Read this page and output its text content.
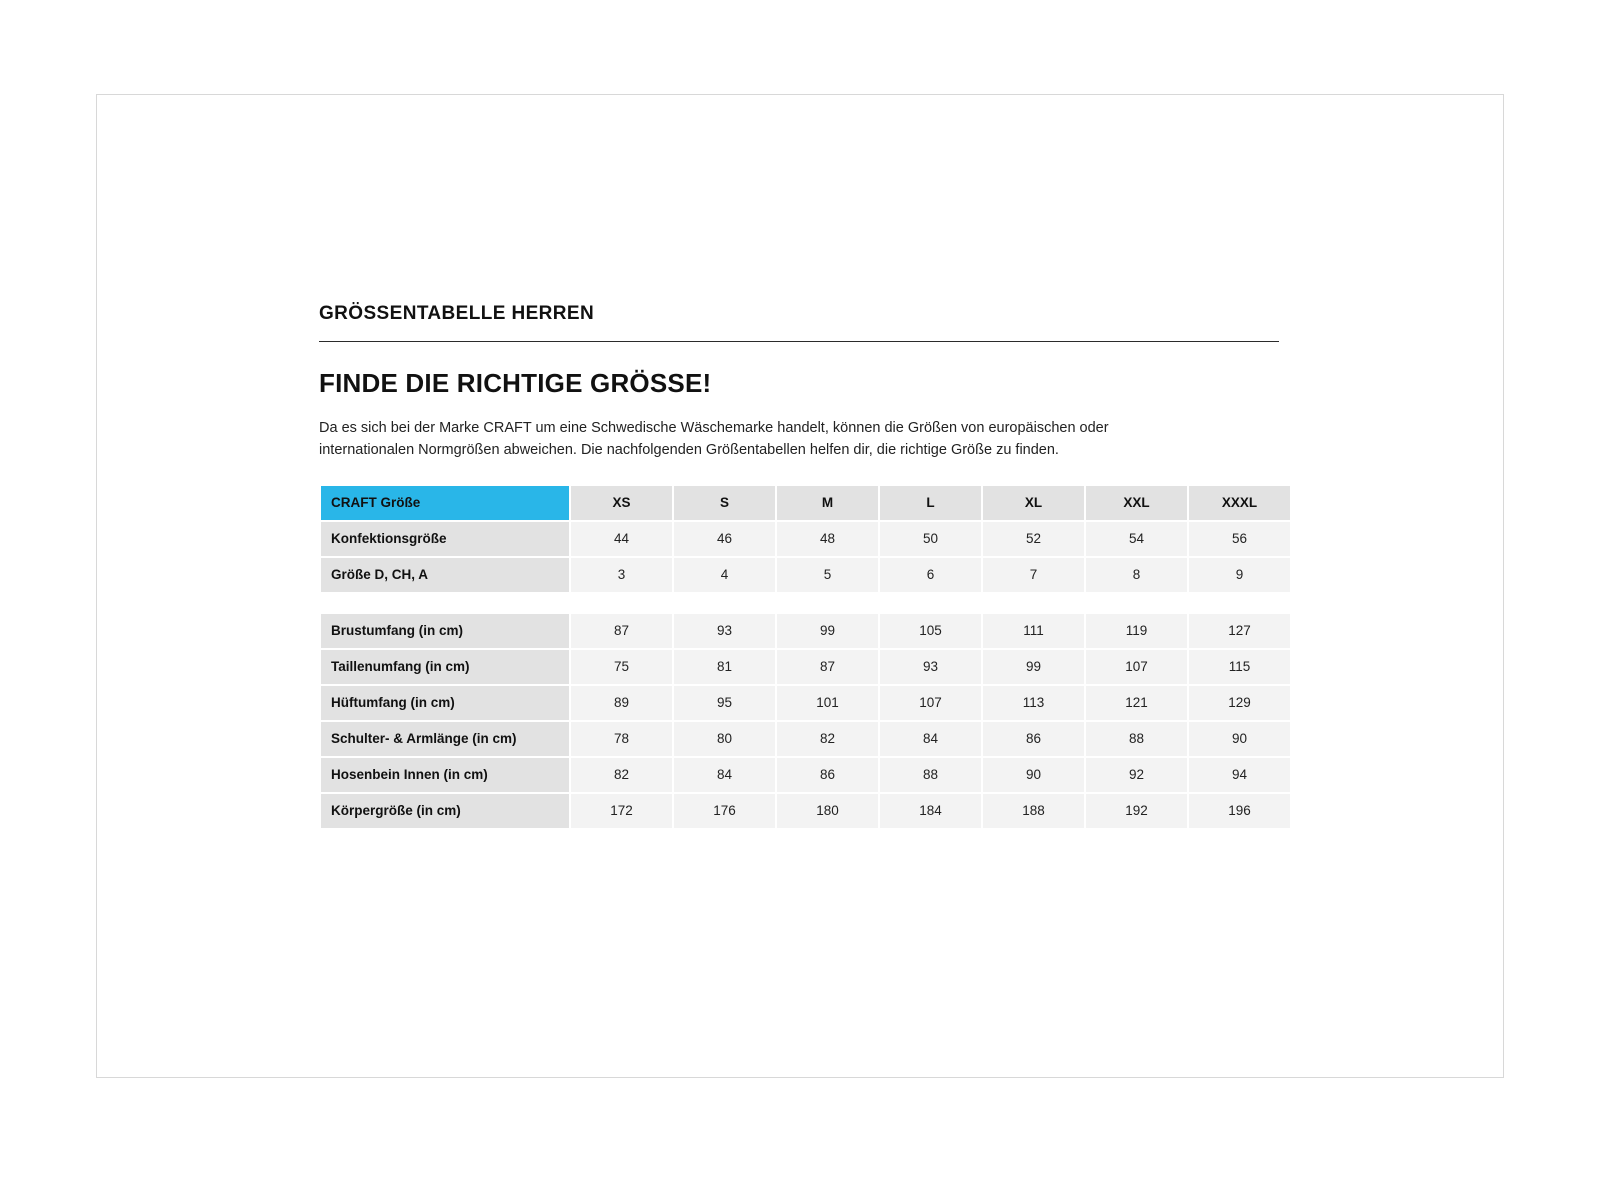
GRÖSSENTABELLE HERREN
FINDE DIE RICHTIGE GRÖSSE!

Da es sich bei der Marke CRAFT um eine Schwedische Wäschemarke handelt, können die Größen von europäischen oder internationalen Normgrößen abweichen. Die nachfolgenden Größentabellen helfen dir, die richtige Größe zu finden.

CRAFT Größe	XS	S	M	L	XL	XXL	XXXL
Konfektionsgröße	44	46	48	50	52	54	56
Größe D, CH, A	3	4	5	6	7	8	9

Brustumfang (in cm)	87	93	99	105	111	119	127
Taillenumfang (in cm)	75	81	87	93	99	107	115
Hüftumfang (in cm)	89	95	101	107	113	121	129
Schulter- & Armlänge (in cm)	78	80	82	84	86	88	90
Hosenbein Innen (in cm)	82	84	86	88	90	92	94
Körpergröße (in cm)	172	176	180	184	188	192	196
